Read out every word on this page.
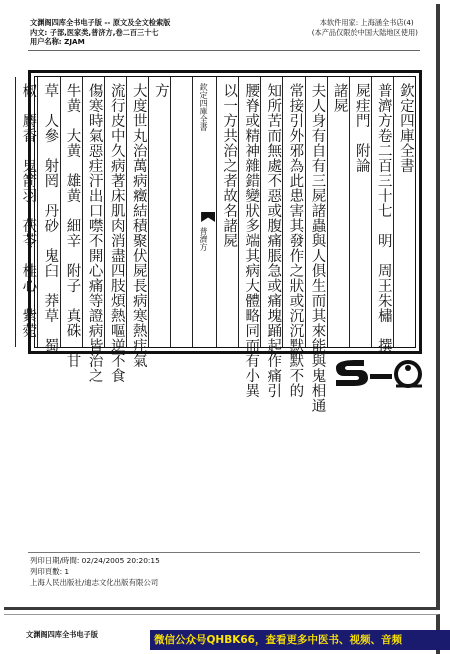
文渊阁四库全书电子版 -- 原文及全文检索版
内文: 子部,医家类,普济方,卷二百三十七
用户名称: ZJAM
本软件用家: 上海涵全书店(4)
(本产品仅限於中国大陆地区使用)
欽定四庫全書
普濟方卷二百三十七　明　周王朱橚　撰
屍疰門　附論
諸屍
夫人身有自有三屍諸蟲與人俱生而其來能與鬼相通
常接引外邪為此患害其發作之狀或沉沉默默不的
知所苦而無處不惡或腹痛脹急或痛塊踊起作痛引
腰脊或精神雜錯變狀多端其病大體略同而有小異
以一方共治之者故名諸屍
欽定四庫全書
普濟方
方
大度世丸治萬病癥結積聚伏屍長病寒熱疰氣
流行皮中久病著床肌肉消盡四肢煩熱嘔逆不食
傷寒時氣惡疰汗出口噤不開心痛等證病皆治之
牛黄　大黄　雄黄　細辛　附子　真硃　甘
草　人參　射罔　丹砂　鬼臼　莽草　蜀
椒　麝香　鬼箭羽　茯苓　桂心　紫菀
列印日期/時間: 02/24/2005 20:20:15
列印頁數: 1
上海人民出版社/迪志文化出版有限公司
文渊阁四库全书电子版	微信公众号QHBK66，查看更多中医书、视频、音频
